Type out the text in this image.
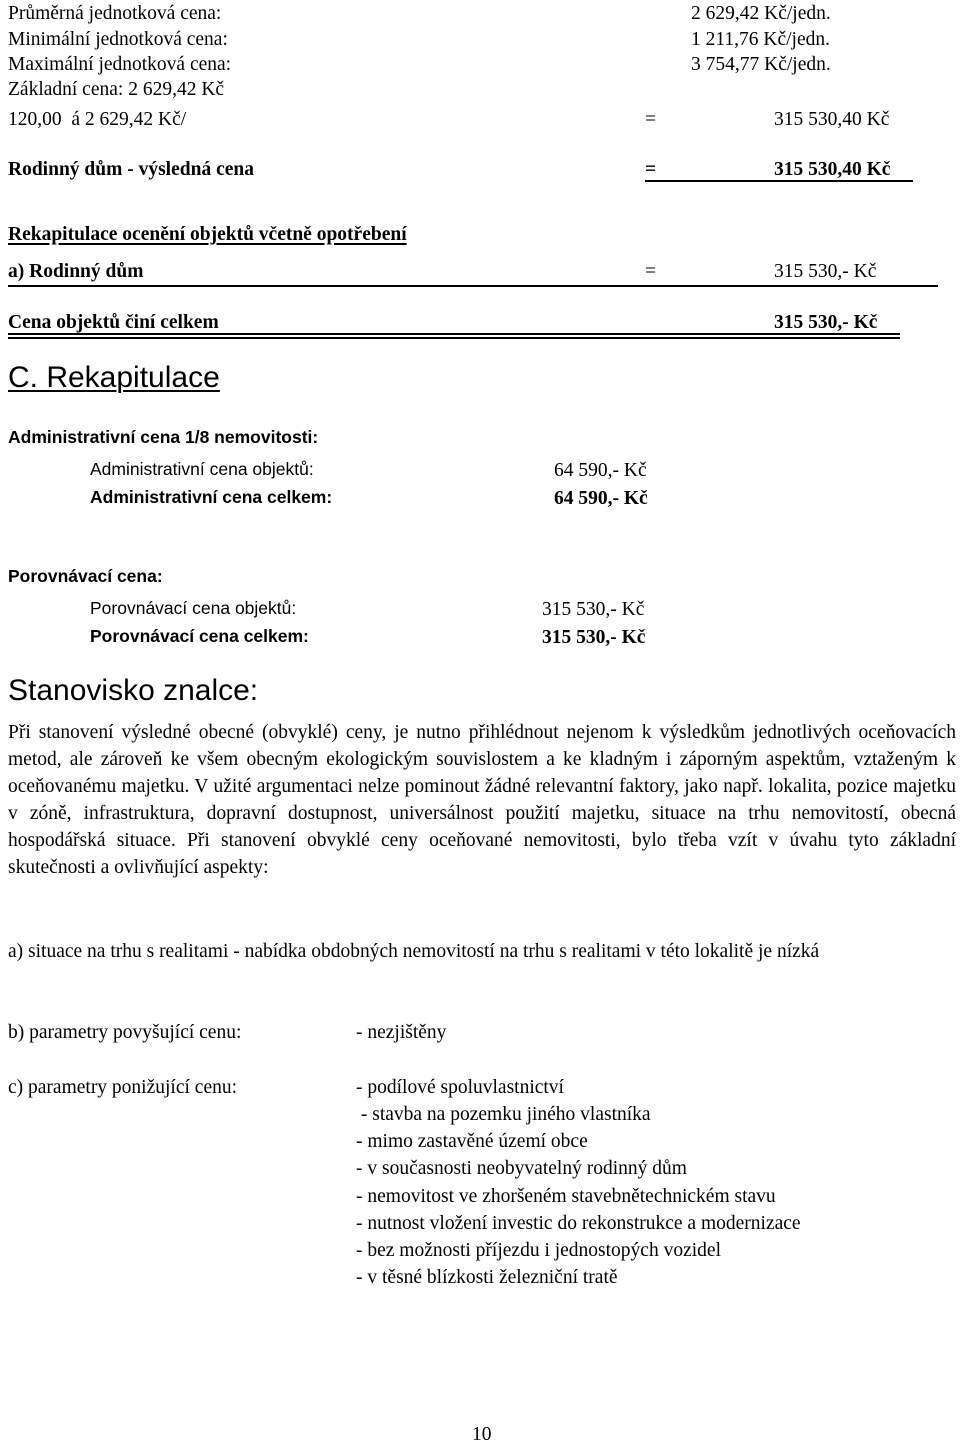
Průměrná jednotková cena:	2 629,42 Kč/jedn.
Minimální jednotková cena:	1 211,76 Kč/jedn.
Maximální jednotková cena:	3 754,77 Kč/jedn.
Základní cena: 2 629,42 Kč
120,00  á 2 629,42 Kč/	=	315 530,40 Kč
Rodinný dům - výsledná cena	=	315 530,40 Kč
Rekapitulace ocenění objektů včetně opotřebení
a) Rodinný dům	=	315 530,- Kč
Cena objektů činí celkem	315 530,- Kč
C. Rekapitulace
Administrativní cena 1/8 nemovitosti:
Administrativní cena objektů:	64 590,- Kč
Administrativní cena celkem:	64 590,- Kč
Porovnávací cena:
Porovnávací cena objektů:	315 530,- Kč
Porovnávací cena celkem:	315 530,- Kč
Stanovisko znalce:

Při stanovení výsledné obecné (obvyklé) ceny, je nutno přihlédnout nejenom k výsledkům jednotlivých oceňovacích metod, ale zároveň ke všem obecným ekologickým souvislostem a ke kladným i záporným aspektům, vztaženým k oceňovanému majetku. V užité argumentaci nelze pominout žádné relevantní faktory, jako např. lokalita, pozice majetku v zóně, infrastruktura, dopravní dostupnost, universálnost použití majetku, situace na trhu nemovitostí, obecná hospodářská situace. Při stanovení obvyklé ceny oceňované nemovitosti, bylo třeba vzít v úvahu tyto základní skutečnosti a ovlivňující aspekty:

a) situace na trhu s realitami - nabídka obdobných nemovitostí na trhu s realitami v této lokalitě je nízká

b) parametry povyšující cenu:	- nezjištěny
c) parametry ponižující cenu:	- podílové spoluvlastnictví
- stavba na pozemku jiného vlastníka
- mimo zastavěné území obce
- v současnosti neobyvatelný rodinný dům
- nemovitost ve zhoršeném stavebnětechnickém stavu
- nutnost vložení investic do rekonstrukce a modernizace
- bez možnosti příjezdu i jednostopých vozidel
- v těsné blízkosti železniční tratě
10
